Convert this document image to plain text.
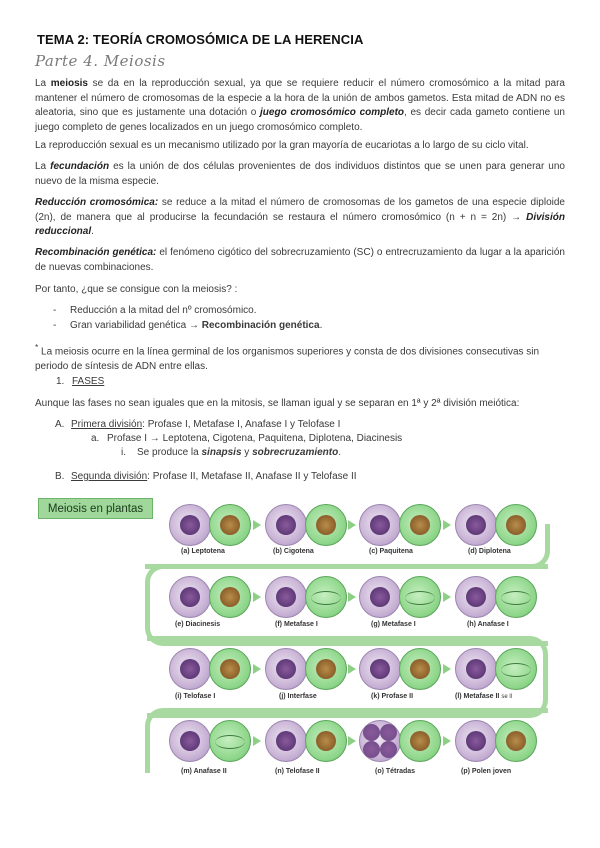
TEMA 2: TEORÍA CROMOSÓMICA DE LA HERENCIA
Parte 4. Meiosis
La meiosis se da en la reproducción sexual, ya que se requiere reducir el número cromosómico a la mitad para mantener el número de cromosomas de la especie a la hora de la unión de ambos gametos. Esta mitad de ADN no es aleatoria, sino que es justamente una dotación o juego cromosómico completo, es decir cada gameto contiene un juego completo de genes localizados en un juego cromosómico completo.
La reproducción sexual es un mecanismo utilizado por la gran mayoría de eucariotas a lo largo de su ciclo vital.
La fecundación es la unión de dos células provenientes de dos individuos distintos que se unen para generar uno nuevo de la misma especie.
Reducción cromosómica: se reduce a la mitad el número de cromosomas de los gametos de una especie diploide (2n), de manera que al producirse la fecundación se restaura el número cromosómico (n + n = 2n) → División reduccional.
Recombinación genética: el fenómeno cigótico del sobrecruzamiento (SC) o entrecruzamiento da lugar a la aparición de nuevas combinaciones.
Por tanto, ¿que se consigue con la meiosis? :
- Reducción a la mitad del nº cromosómico.
- Gran variabilidad genética → Recombinación genética.
* La meiosis ocurre en la línea germinal de los organismos superiores y consta de dos divisiones consecutivas sin periodo de síntesis de ADN entre ellas.
1. FASES
Aunque las fases no sean iguales que en la mitosis, se llaman igual y se separan en 1ª y 2ª división meiótica:
A. Primera división: Profase I, Metafase I, Anafase I y Telofase I
a. Profase I → Leptotena, Cigotena, Paquitena, Diplotena, Diacinesis
i. Se produce la sinapsis y sobrecruzamiento.
B. Segunda división: Profase II, Metafase II, Anafase II y Telofase II
Meiosis en plantas
(a) Leptotena	(b) Cigotena	(c) Paquitena	(d) Diplotena
(e) Diacinesis	(f) Metafase I	(g) Metafase I	(h) Anafase I
(i) Telofase I	(j) Interfase	(k) Profase II	(l) Metafase II se ll
(m) Anafase II	(n) Telofase II	(o) Tétradas	(p) Polen joven
